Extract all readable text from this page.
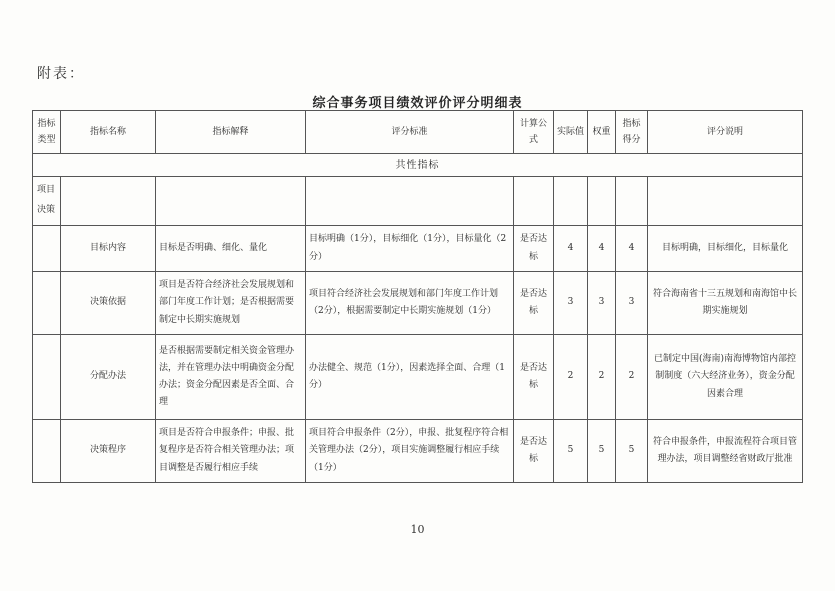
附表：
综合事务项目绩效评价评分明细表
指标类型	指标名称	指标解释	评分标准	计算公式	实际值	权重	指标得分	评分说明
共性指标								
项目决策								
	目标内容	目标是否明确、细化、量化	目标明确（1分），目标细化（1分），目标量化（2分）	是否达标	4	4	4	目标明确，目标细化，目标量化
	决策依据	项目是否符合经济社会发展规划和部门年度工作计划；是否根据需要制定中长期实施规划	项目符合经济社会发展规划和部门年度工作计划（2分），根据需要制定中长期实施规划（1分）	是否达标	3	3	3	符合海南省十三五规划和南海馆中长期实施规划
	分配办法	是否根据需要制定相关资金管理办法，并在管理办法中明确资金分配办法；资金分配因素是否全面、合理	办法健全、规范（1分），因素选择全面、合理（1分）	是否达标	2	2	2	已制定中国(海南)南海博物馆内部控制制度（六大经济业务），资金分配因素合理
	决策程序	项目是否符合申报条件；申报、批复程序是否符合相关管理办法；项目调整是否履行相应手续	项目符合申报条件（2分），申报、批复程序符合相关管理办法（2分），项目实施调整履行相应手续（1分）	是否达标	5	5	5	符合申报条件，申报流程符合项目管理办法，项目调整经省财政厅批准
10
